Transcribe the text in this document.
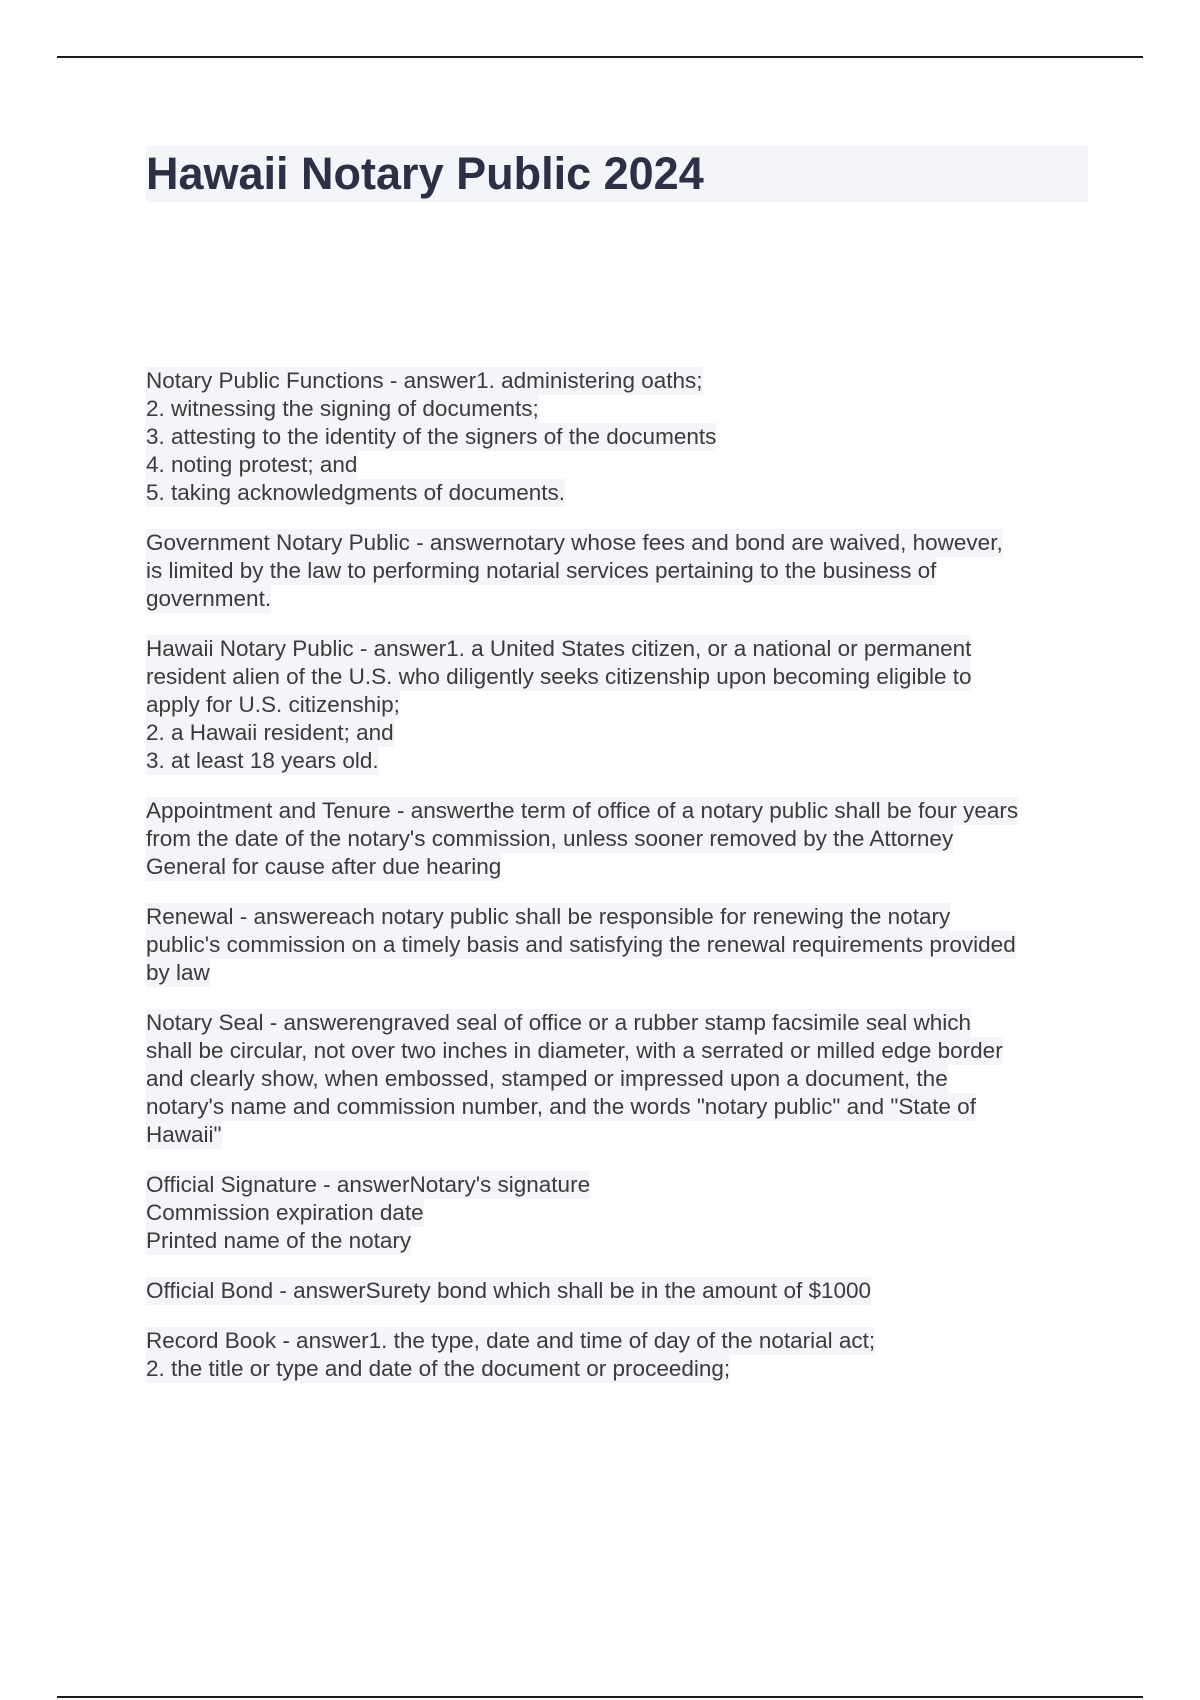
Hawaii Notary Public 2024
Notary Public Functions - answer1. administering oaths;
2. witnessing the signing of documents;
3. attesting to the identity of the signers of the documents
4. noting protest; and
5. taking acknowledgments of documents.
Government Notary Public - answernotary whose fees and bond are waived, however,
is limited by the law to performing notarial services pertaining to the business of
government.
Hawaii Notary Public - answer1. a United States citizen, or a national or permanent
resident alien of the U.S. who diligently seeks citizenship upon becoming eligible to
apply for U.S. citizenship;
2. a Hawaii resident; and
3. at least 18 years old.
Appointment and Tenure - answerthe term of office of a notary public shall be four years
from the date of the notary's commission, unless sooner removed by the Attorney
General for cause after due hearing
Renewal - answereach notary public shall be responsible for renewing the notary
public's commission on a timely basis and satisfying the renewal requirements provided
by law
Notary Seal - answerengraved seal of office or a rubber stamp facsimile seal which
shall be circular, not over two inches in diameter, with a serrated or milled edge border
and clearly show, when embossed, stamped or impressed upon a document, the
notary's name and commission number, and the words "notary public" and "State of
Hawaii"
Official Signature - answerNotary's signature
Commission expiration date
Printed name of the notary
Official Bond - answerSurety bond which shall be in the amount of $1000
Record Book - answer1. the type, date and time of day of the notarial act;
2. the title or type and date of the document or proceeding;
